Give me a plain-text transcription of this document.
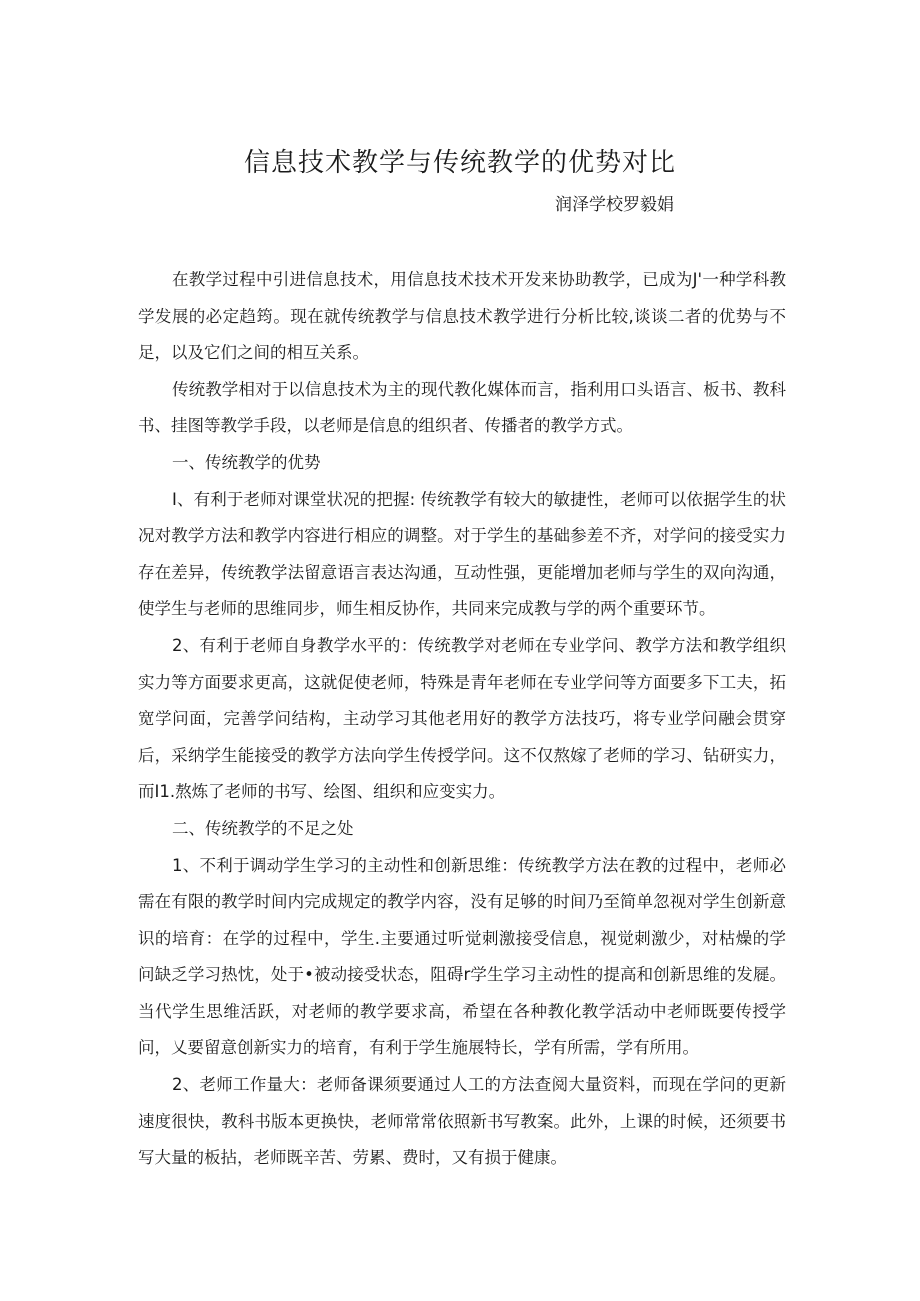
信息技术教学与传统教学的优势对比

润泽学校罗毅娟

在教学过程中引进信息技术，用信息技术技术开发来协助教学，已成为J'一种学科教学发展的必定趋筠。现在就传统教学与信息技术教学进行分析比较,谈谈二者的优势与不足，以及它们之间的相互关系。

传统教学相对于以信息技术为主的现代教化媒体而言，指利用口头语言、板书、教科书、挂图等教学手段，以老师是信息的组织者、传播者的教学方式。

一、传统教学的优势

I、有利于老师对课堂状况的把握: 传统教学有较大的敏捷性，老师可以依据学生的状况对教学方法和教学内容进行相应的调整。对于学生的基础参差不齐，对学问的接受实力存在差异，传统教学法留意语言表达沟通，互动性强，更能增加老师与学生的双向沟通，使学生与老师的思维同步，师生相反协作，共同来完成教与学的两个重要环节。

2、有利于老师自身教学水平的：传统教学对老师在专业学问、教学方法和教学组织实力等方面要求更高，这就促使老师，特殊是青年老师在专业学问等方面要多下工夫，拓宽学问面，完善学问结构，主动学习其他老用好的教学方法技巧，将专业学问融会贯穿后，采纳学生能接受的教学方法向学生传授学问。这不仅熬嫁了老师的学习、钻研实力，而I1.熬炼了老师的书写、绘图、组织和应变实力。

二、传统教学的不足之处

1、不利于调动学生学习的主动性和创新思维：传统教学方法在教的过程中，老师必需在有限的教学时间内完成规定的教学内容，没有足够的时间乃至简单忽视对学生创新意识的培育：在学的过程中，学生.主要通过听觉刺激接受信息，视觉刺激少，对枯燥的学问缺乏学习热忱，处于•被动接受状态，阻碍r学生学习主动性的提高和创新思维的发屣。当代学生思维活跃，对老师的教学要求高，希望在各种教化教学活动中老师既要传授学问，乂要留意创新实力的培育，有利于学生施展特长，学有所需，学有所用。

2、老师工作量大：老师备课须要通过人工的方法查阅大量资料，而现在学问的更新速度很快，教科书版本更换快，老师常常依照新书写教案。此外，上课的时候，还须要书写大量的板拈，老师既辛苦、劳累、费时，又有损于健康。
